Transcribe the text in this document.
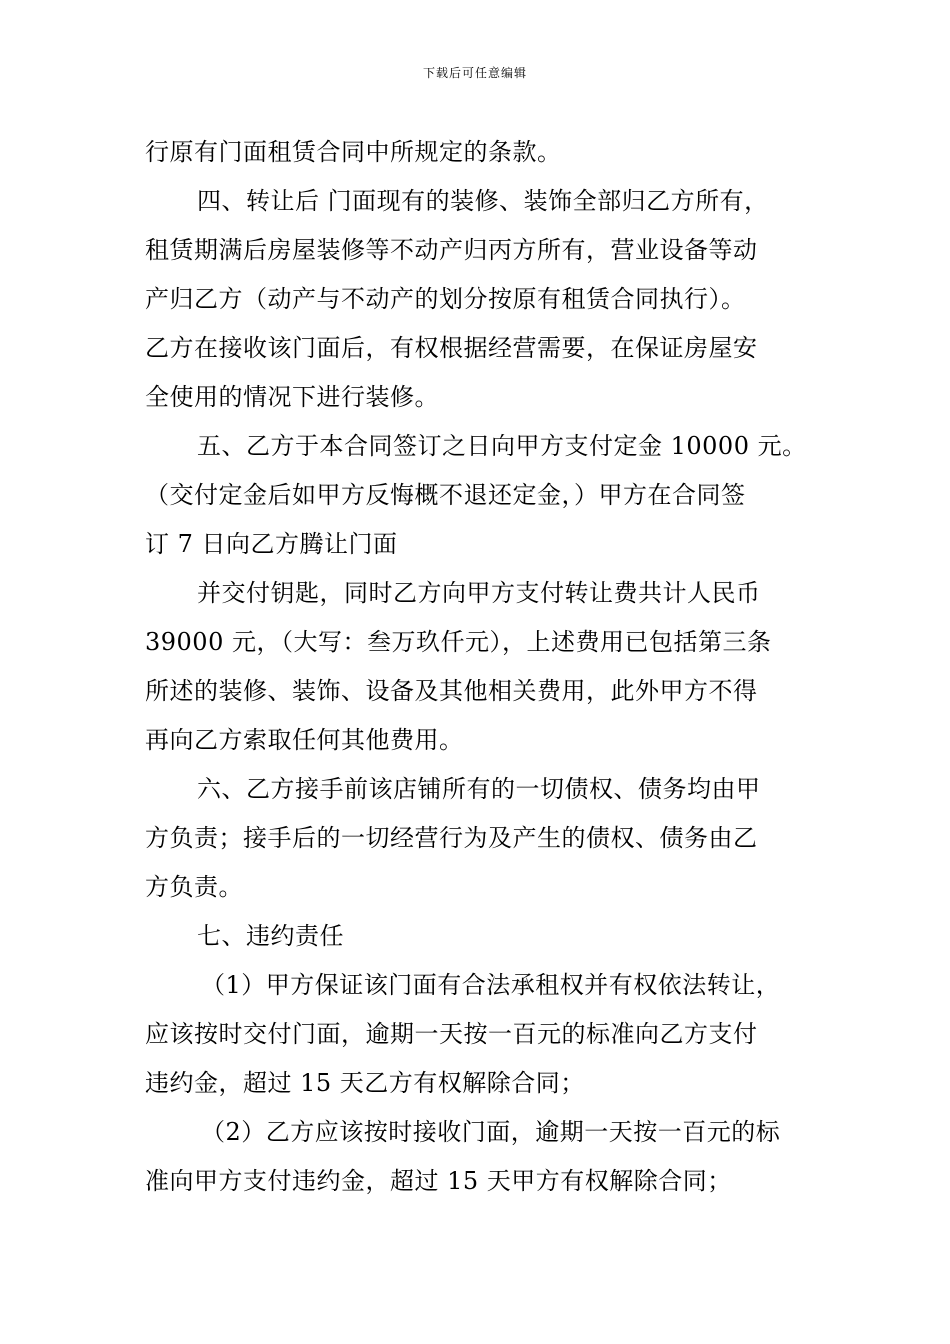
下载后可任意编辑

行原有门面租赁合同中所规定的条款。

四、转让后 门面现有的装修、装饰全部归乙方所有，

租赁期满后房屋装修等不动产归丙方所有，营业设备等动

产归乙方（动产与不动产的划分按原有租赁合同执行）。

乙方在接收该门面后，有权根据经营需要，在保证房屋安

全使用的情况下进行装修。

五、乙方于本合同签订之日向甲方支付定金 10000 元。

（交付定金后如甲方反悔概不退还定金，）甲方在合同签

订 7 日向乙方腾让门面

并交付钥匙，同时乙方向甲方支付转让费共计人民币

39000 元，（大写：叁万玖仟元），上述费用已包括第三条

所述的装修、装饰、设备及其他相关费用，此外甲方不得

再向乙方索取任何其他费用。

六、乙方接手前该店铺所有的一切债权、债务均由甲

方负责；接手后的一切经营行为及产生的债权、债务由乙

方负责。

七、违约责任

（1）甲方保证该门面有合法承租权并有权依法转让，

应该按时交付门面，逾期一天按一百元的标准向乙方支付

违约金，超过 15 天乙方有权解除合同；

（2）乙方应该按时接收门面，逾期一天按一百元的标

准向甲方支付违约金，超过 15 天甲方有权解除合同；
